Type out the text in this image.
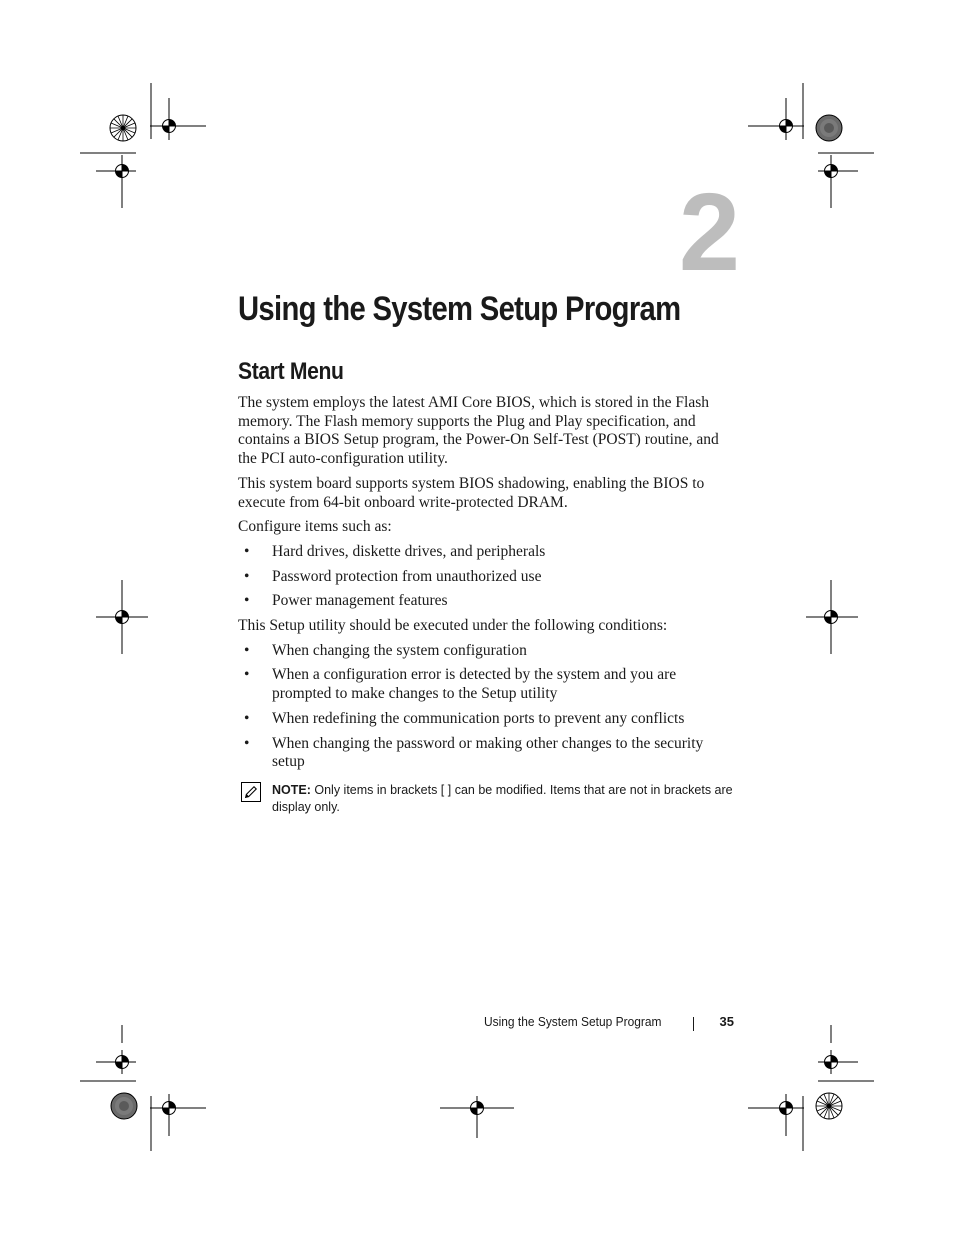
2
Using the System Setup Program
Start Menu

The system employs the latest AMI Core BIOS, which is stored in the Flash memory. The Flash memory supports the Plug and Play specification, and contains a BIOS Setup program, the Power-On Self-Test (POST) routine, and the PCI auto-configuration utility.

This system board supports system BIOS shadowing, enabling the BIOS to execute from 64-bit onboard write-protected DRAM.

Configure items such as:

• Hard drives, diskette drives, and peripherals
• Password protection from unauthorized use
• Power management features

This Setup utility should be executed under the following conditions:

• When changing the system configuration
• When a configuration error is detected by the system and you are prompted to make changes to the Setup utility
• When redefining the communication ports to prevent any conflicts
• When changing the password or making other changes to the security setup
NOTE: Only items in brackets [ ] can be modified. Items that are not in brackets are display only.
Using the System Setup Program	35
